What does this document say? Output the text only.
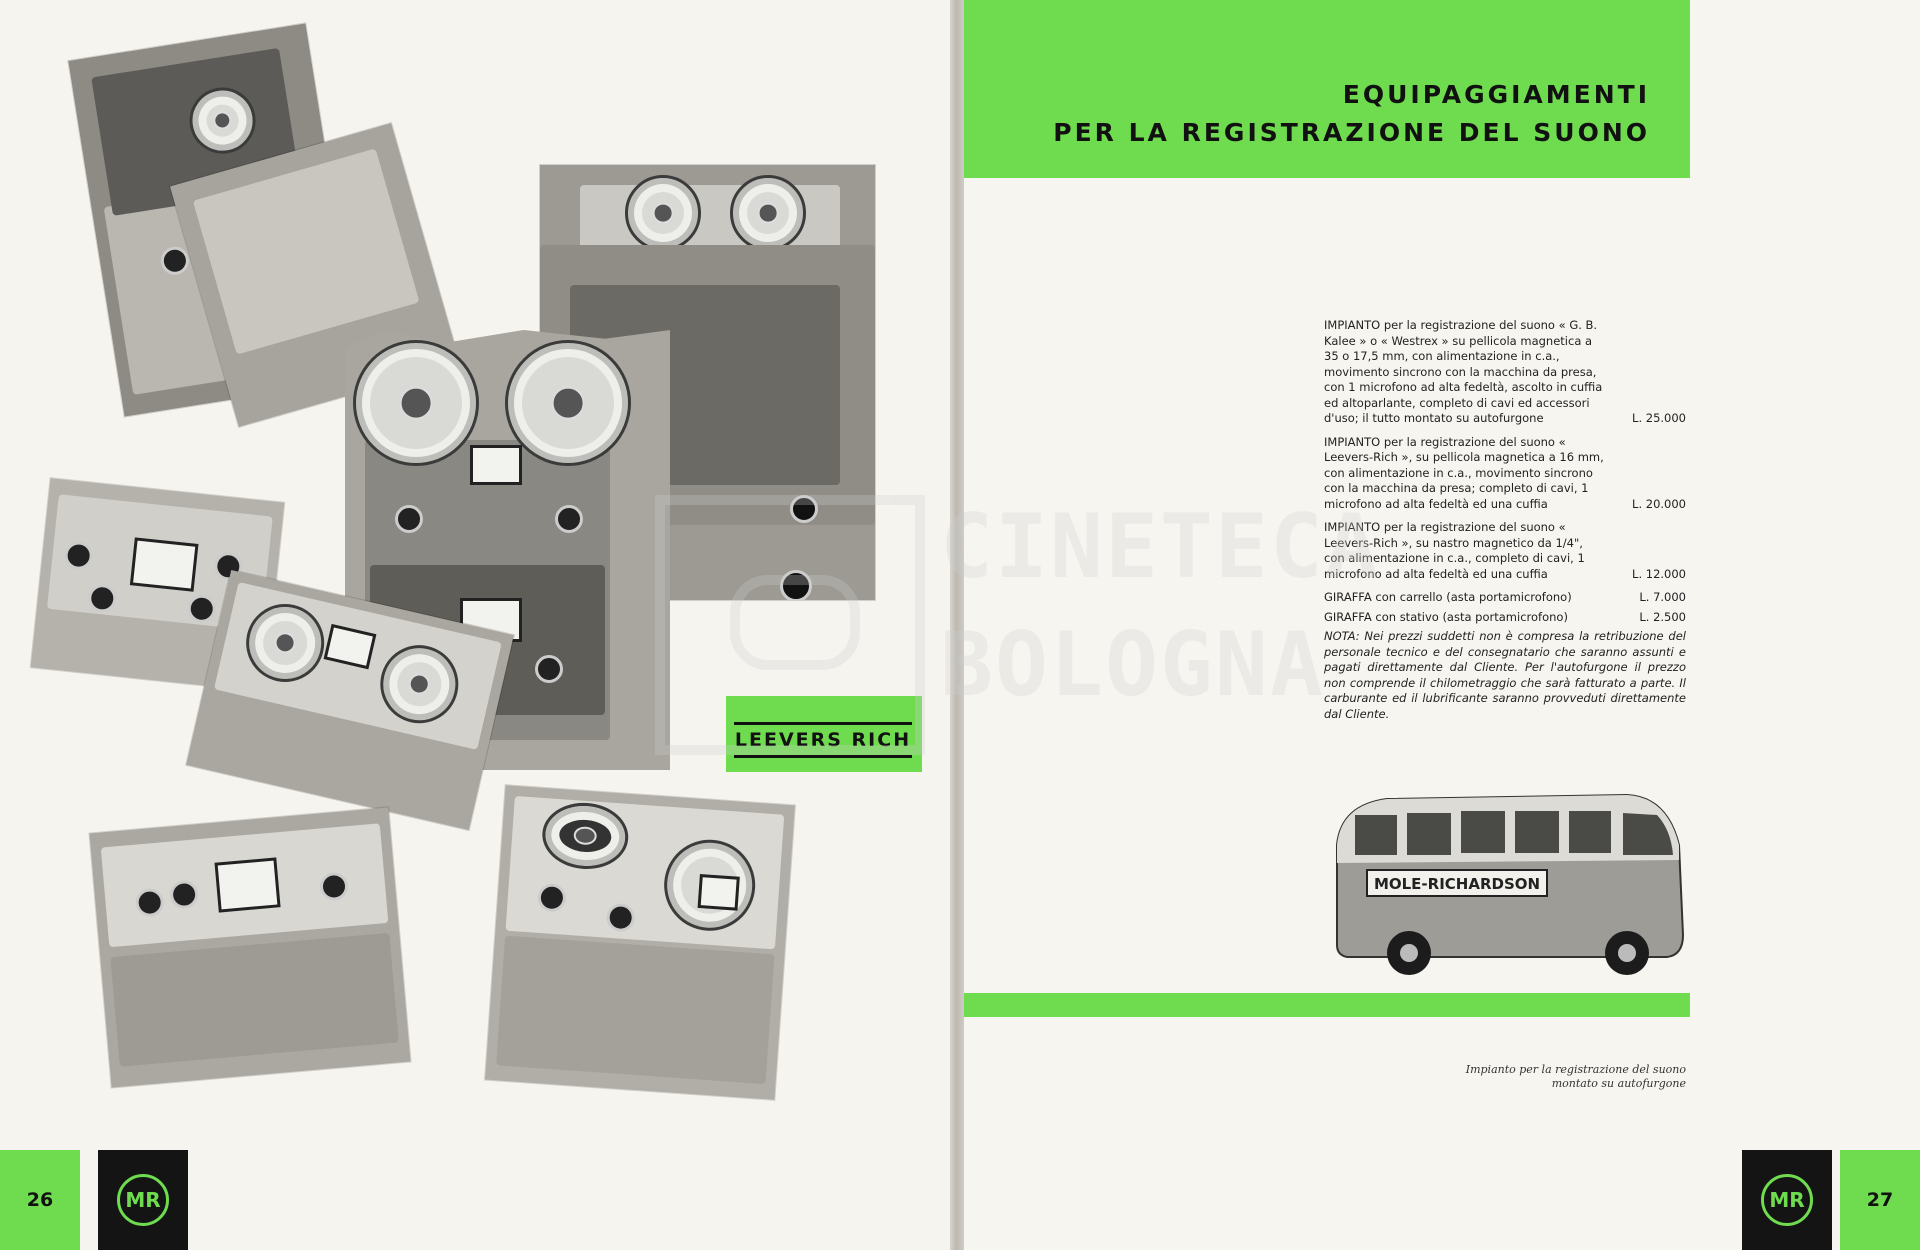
LEEVERS RICH
26	MR
EQUIPAGGIAMENTI
PER LA REGISTRAZIONE DEL SUONO
IMPIANTO per la registrazione del suono « G. B. Kalee » o « Westrex » su pellicola magnetica a 35 o 17,5 mm, con alimentazione in c.a., movimento sincrono con la macchina da presa, con 1 microfono ad alta fedeltà, ascolto in cuffia ed altoparlante, completo di cavi ed accessori d'uso; il tutto montato su autofurgone	L. 25.000
IMPIANTO per la registrazione del suono « Leevers-Rich », su pellicola magnetica a 16 mm, con alimentazione in c.a., movimento sincrono con la macchina da presa; completo di cavi, 1 microfono ad alta fedeltà ed una cuffia	L. 20.000
IMPIANTO per la registrazione del suono « Leevers-Rich », su nastro magnetico da 1/4", con alimentazione in c.a., completo di cavi, 1 microfono ad alta fedeltà ed una cuffia	L. 12.000
GIRAFFA con carrello (asta portamicrofono)	L. 7.000
GIRAFFA con stativo (asta portamicrofono)	L. 2.500
NOTA: Nei prezzi suddetti non è compresa la retribuzione del personale tecnico e del consegnatario che saranno assunti e pagati direttamente dal Cliente. Per l'autofurgone il prezzo non comprende il chilometraggio che sarà fatturato a parte. Il carburante ed il lubrificante saranno provveduti direttamente dal Cliente.
CINETECA
BOLOGNA
MOLE-RICHARDSON
Impianto per la registrazione del suono montato su autofurgone
MR	27
